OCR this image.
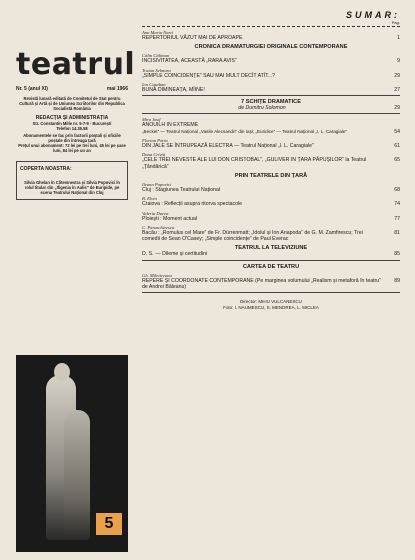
teatrul
Nr. 5 (anul XI)	mai 1966
Revistă lunară editată de Comitetul de Stat pentru Cultură și Artă și de Uniunea Scriitorilor din Republica Socialistă România
REDACȚIA ȘI ADMINISTRAȚIA
Str. Constantin Mille nr. 5-7-9 - București
Telefon 14.35.58
Abonamentele se fac prin factorii poștali și oficiile poștale din întreaga țară
Prețul unui abonament: 72 lei pe trei luni, 45 lei pe șase luni, 84 lei pe un an
COPERTA NOASTRA:
Silvia Ghelan în Clitemnestra și Silvia Popovici în rolul titular din „Ifigenia în Aulis” de Euripide, pe scena Teatrului Național din Cluj
5
SUMAR:
Pag.
Ana Maria Narti
REPERTORIUL VĂZUT MAI DE APROAPE	1
CRONICA DRAMATURGIEI ORIGINALE CONTEMPORANE
Călin Căliman
INCISIVITATEA, ACEASTĂ „RARA AVIS”	9
Traian Șelmaru
„SIMPLE COINCIDENȚE” SAU MAI MULT DECÎT ATÎT...?	29
Ion Cazaban
BUNĂ DIMINEAȚA, MÎINE!	27
7 SCHIȚE DRAMATICE
de Dumitru Solomon	29
Mira Iosif
ANOUILH IN EXTREME
„Becket” — Teatrul Național „Vasile Alecsandri” din Iași; „Euridice” — Teatrul Național „I. L. Caragiale”	54
Florian Potra
DIN JALE SE ÎNTRUPEAZĂ ELECTRA — Teatrul Național „I. L. Caragiale”	61
Dana Crivăț
„CELE TREI NEVESTE ALE LUI DON CRISTOBAL”, „GULIVER IN ȚARA PĂPUȘILOR” la Teatrul „Țăndărică”
65
PRIN TEATRELE DIN ȚARĂ
Ileana Popovici
Cluj : Stagiunea Teatrului Național	68
B. Elvin
Craiova : Reflecții asupra ritorva spectacole	74
Valeria Ducea
Ploiești : Moment actual	77
C. Paraschivescu
Bacău : „Romulus cel Mare” de Fr. Dürrenmatt; „Idolul și Ion Anapoda” de G. M. Zamfirescu; Trei comedii de Sean O'Casey; „Simple coincidențe” de Paul Everac
81
TEATRUL LA TELEVIZIUNE
D. S. — Dileme și certitudini	85
CARTEA DE TEATRU
Gh. Mileticeanu
REPERE ȘI COORDONATE CONTEMPORANE (Pe marginea volumului „Realism și metaforă în teatru” de Andrei Băleanu)
89
Director: MIHU VULCANESCU
Foto: I. NAUMESCU, S. MENDREA, L. MICLEA
